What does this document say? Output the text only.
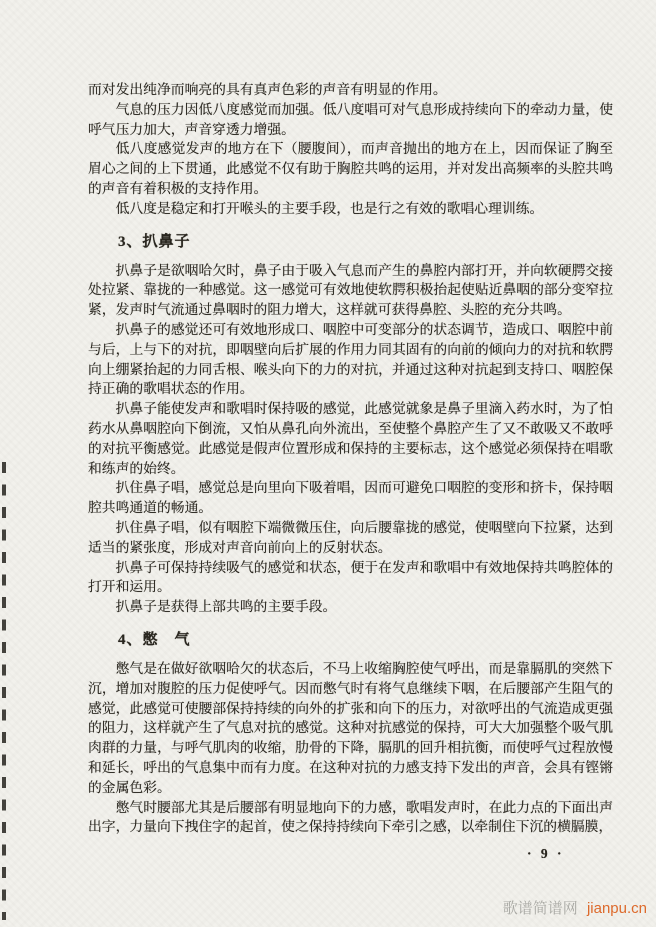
而对发出纯净而响亮的具有真声色彩的声音有明显的作用。

气息的压力因低八度感觉而加强。低八度唱可对气息形成持续向下的牵动力量，使呼气压力加大，声音穿透力增强。

低八度感觉发声的地方在下（腰腹间），而声音抛出的地方在上，因而保证了胸至眉心之间的上下贯通，此感觉不仅有助于胸腔共鸣的运用，并对发出高频率的头腔共鸣的声音有着积极的支持作用。

低八度是稳定和打开喉头的主要手段，也是行之有效的歌唱心理训练。

3、扒鼻子

扒鼻子是欲咽哈欠时，鼻子由于吸入气息而产生的鼻腔内部打开，并向软硬腭交接处拉紧、靠拢的一种感觉。这一感觉可有效地使软腭积极抬起使贴近鼻咽的部分变窄拉紧，发声时气流通过鼻咽时的阻力增大，这样就可获得鼻腔、头腔的充分共鸣。

扒鼻子的感觉还可有效地形成口、咽腔中可变部分的状态调节，造成口、咽腔中前与后，上与下的对抗，即咽壁向后扩展的作用力同其固有的向前的倾向力的对抗和软腭向上绷紧抬起的力同舌根、喉头向下的力的对抗，并通过这种对抗起到支持口、咽腔保持正确的歌唱状态的作用。

扒鼻子能使发声和歌唱时保持吸的感觉，此感觉就象是鼻子里滴入药水时，为了怕药水从鼻咽腔向下倒流，又怕从鼻孔向外流出，至使整个鼻腔产生了又不敢吸又不敢呼的对抗平衡感觉。此感觉是假声位置形成和保持的主要标志，这个感觉必须保持在唱歌和练声的始终。

扒住鼻子唱，感觉总是向里向下吸着唱，因而可避免口咽腔的变形和挤卡，保持咽腔共鸣通道的畅通。

扒住鼻子唱，似有咽腔下端微微压住，向后腰靠拢的感觉，使咽壁向下拉紧，达到适当的紧张度，形成对声音向前向上的反射状态。

扒鼻子可保持持续吸气的感觉和状态，便于在发声和歌唱中有效地保持共鸣腔体的打开和运用。

扒鼻子是获得上部共鸣的主要手段。

4、憋　气

憋气是在做好欲咽哈欠的状态后，不马上收缩胸腔使气呼出，而是靠膈肌的突然下沉，增加对腹腔的压力促使呼气。因而憋气时有将气息继续下咽，在后腰部产生阻气的感觉，此感觉可使腰部保持持续的向外的扩张和向下的压力，对欲呼出的气流造成更强的阻力，这样就产生了气息对抗的感觉。这种对抗感觉的保持，可大大加强整个吸气肌肉群的力量，与呼气肌肉的收缩，肋骨的下降，膈肌的回升相抗衡，而使呼气过程放慢和延长，呼出的气息集中而有力度。在这种对抗的力感支持下发出的声音，会具有铿锵的金属色彩。

憋气时腰部尤其是后腰部有明显地向下的力感，歌唱发声时，在此力点的下面出声出字，力量向下拽住字的起首，使之保持持续向下牵引之感，以牵制住下沉的横膈膜，

· 9 ·
歌谱简谱网 jianpu.cn
